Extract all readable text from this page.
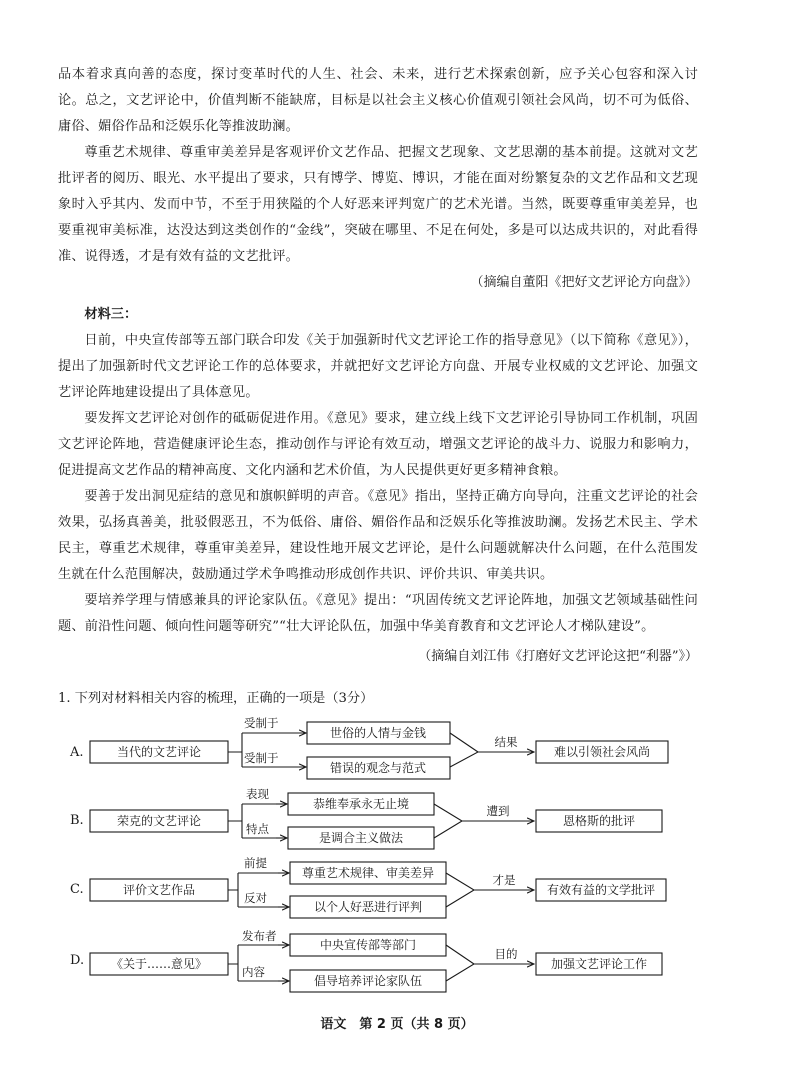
品本着求真向善的态度，探讨变革时代的人生、社会、未来，进行艺术探索创新，应予关心包容和深入讨论。总之，文艺评论中，价值判断不能缺席，目标是以社会主义核心价值观引领社会风尚，切不可为低俗、庸俗、媚俗作品和泛娱乐化等推波助澜。

尊重艺术规律、尊重审美差异是客观评价文艺作品、把握文艺现象、文艺思潮的基本前提。这就对文艺批评者的阅历、眼光、水平提出了要求，只有博学、博览、博识，才能在面对纷繁复杂的文艺作品和文艺现象时入乎其内、发而中节，不至于用狭隘的个人好恶来评判宽广的艺术光谱。当然，既要尊重审美差异，也要重视审美标准，达没达到这类创作的“金线”，突破在哪里、不足在何处，多是可以达成共识的，对此看得准、说得透，才是有效有益的文艺批评。

（摘编自董阳《把好文艺评论方向盘》）

材料三：

日前，中央宣传部等五部门联合印发《关于加强新时代文艺评论工作的指导意见》（以下简称《意见》），提出了加强新时代文艺评论工作的总体要求，并就把好文艺评论方向盘、开展专业权威的文艺评论、加强文艺评论阵地建设提出了具体意见。

要发挥文艺评论对创作的砥砺促进作用。《意见》要求，建立线上线下文艺评论引导协同工作机制，巩固文艺评论阵地，营造健康评论生态，推动创作与评论有效互动，增强文艺评论的战斗力、说服力和影响力，促进提高文艺作品的精神高度、文化内涵和艺术价值，为人民提供更好更多精神食粮。

要善于发出洞见症结的意见和旗帜鲜明的声音。《意见》指出，坚持正确方向导向，注重文艺评论的社会效果，弘扬真善美，批驳假恶丑，不为低俗、庸俗、媚俗作品和泛娱乐化等推波助澜。发扬艺术民主、学术民主，尊重艺术规律，尊重审美差异，建设性地开展文艺评论，是什么问题就解决什么问题，在什么范围发生就在什么范围解决，鼓励通过学术争鸣推动形成创作共识、评价共识、审美共识。

要培养学理与情感兼具的评论家队伍。《意见》提出：“巩固传统文艺评论阵地，加强文艺领域基础性问题、前沿性问题、倾向性问题等研究”“壮大评论队伍，加强中华美育教育和文艺评论人才梯队建设”。

（摘编自刘江伟《打磨好文艺评论这把“利器”》）

1. 下列对材料相关内容的梳理，正确的一项是（3分）

A.	当代的文艺评论
受制于
受制于
世俗的人情与金钱
错误的观念与范式
结果
难以引领社会风尚
B.	荣克的文艺评论
表现
特点
恭维奉承永无止境
是调合主义做法
遭到
恩格斯的批评
C.	评价文艺作品
前提
反对
尊重艺术规律、审美差异
以个人好恶进行评判
才是
有效有益的文学批评
D. 《关于……意见》
发布者
内容
中央宣传部等部门
倡导培养评论家队伍
目的
加强文艺评论工作
语文　第 2 页（共 8 页）
